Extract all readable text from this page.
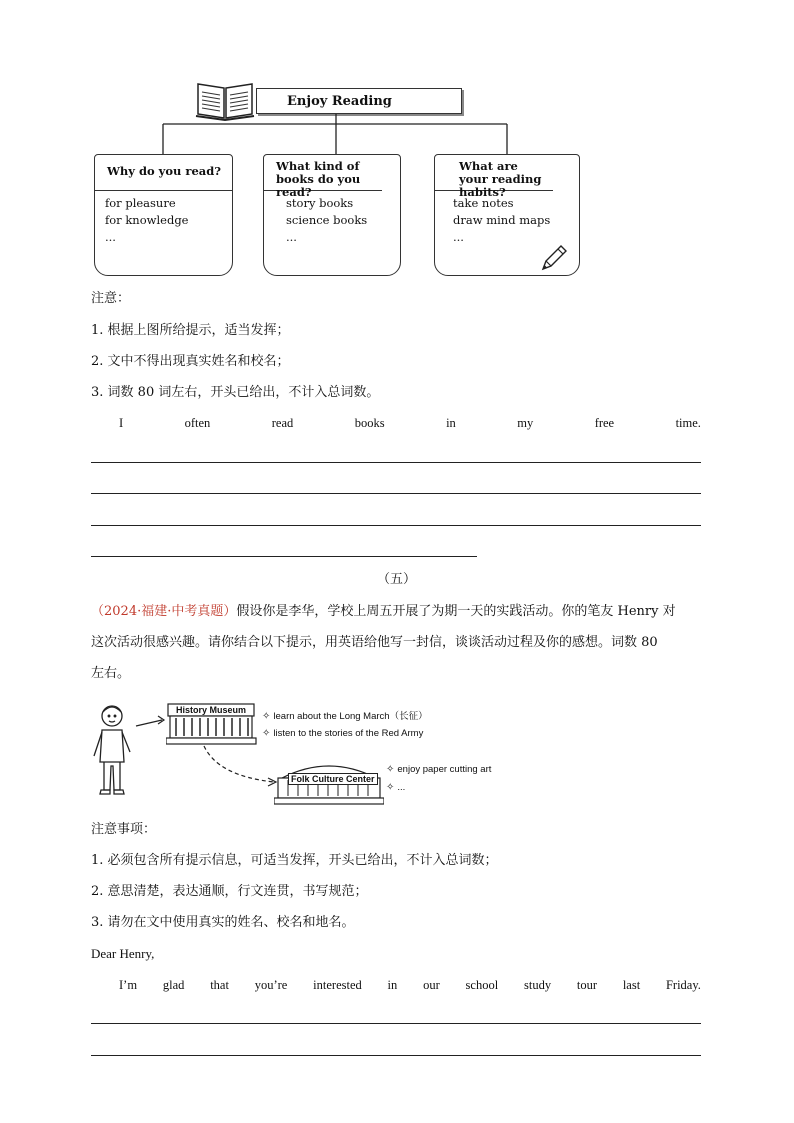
Enjoy Reading
Why do you read?
for pleasure
for knowledge
...
What kind of books do you read?
story books
science books
...
What are your reading habits?
take notes
draw mind maps
...
注意：
1. 根据上图所给提示，适当发挥；
2. 文中不得出现真实姓名和校名；
3. 词数 80 词左右，开头已给出，不计入总词数。
I	often	read	books	in	my	free	time.
（五）
（2024·福建·中考真题）假设你是李华，学校上周五开展了为期一天的实践活动。你的笔友 Henry 对
这次活动很感兴趣。请你结合以下提示，用英语给他写一封信，谈谈活动过程及你的感想。词数 80
左右。
History Museum
✧ learn about the Long March（长征）
✧ listen to the stories of the Red Army
Folk Culture Center
✧ enjoy paper cutting art
✧ ...
注意事项：
1. 必须包含所有提示信息，可适当发挥，开头已给出，不计入总词数；
2. 意思清楚，表达通顺，行文连贯，书写规范；
3. 请勿在文中使用真实的姓名、校名和地名。
Dear Henry,
I’m glad that you’re interested in our school study tour last Friday.
